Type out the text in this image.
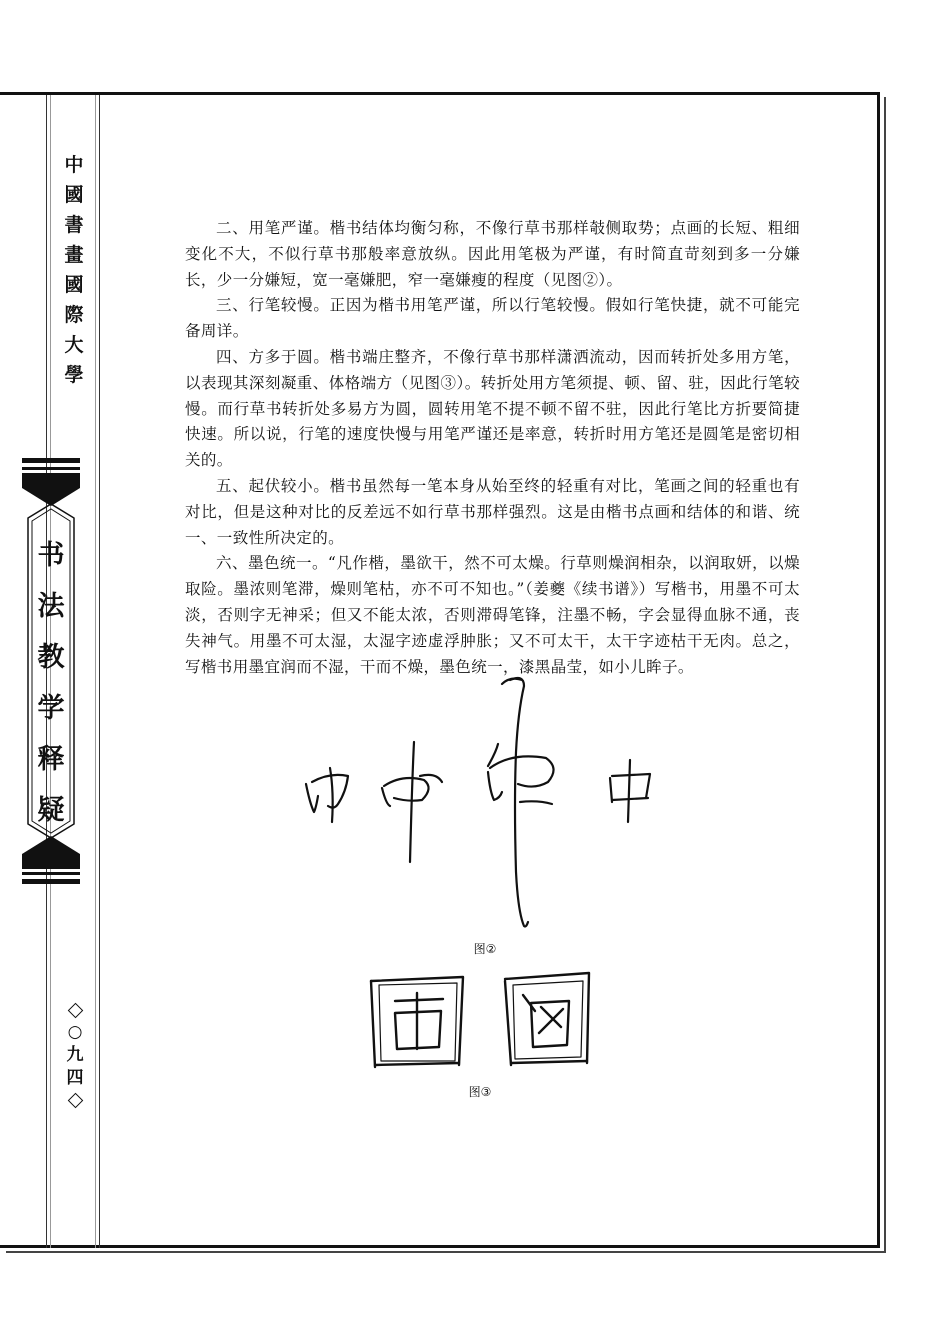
中
國
書
畫
國
際
大
學
书
法
教
学
释
疑
○
九
四

二、用笔严谨。楷书结体均衡匀称，不像行草书那样攲侧取势；点画的长短、粗细变化不大，不似行草书那般率意放纵。因此用笔极为严谨，有时简直苛刻到多一分嫌长，少一分嫌短，宽一毫嫌肥，窄一毫嫌瘦的程度（见图②）。

三、行笔较慢。正因为楷书用笔严谨，所以行笔较慢。假如行笔快捷，就不可能完备周详。

四、方多于圆。楷书端庄整齐，不像行草书那样潇洒流动，因而转折处多用方笔，以表现其深刻凝重、体格端方（见图③）。转折处用方笔须提、顿、留、驻，因此行笔较慢。而行草书转折处多易方为圆，圆转用笔不提不顿不留不驻，因此行笔比方折要简捷快速。所以说，行笔的速度快慢与用笔严谨还是率意，转折时用方笔还是圆笔是密切相关的。

五、起伏较小。楷书虽然每一笔本身从始至终的轻重有对比，笔画之间的轻重也有对比，但是这种对比的反差远不如行草书那样强烈。这是由楷书点画和结体的和谐、统一、一致性所决定的。

六、墨色统一。“凡作楷，墨欲干，然不可太燥。行草则燥润相杂，以润取妍，以燥取险。墨浓则笔滞，燥则笔枯，亦不可不知也。”（姜夔《续书谱》）写楷书，用墨不可太淡，否则字无神采；但又不能太浓，否则滞碍笔锋，注墨不畅，字会显得血脉不通，丧失神气。用墨不可太湿，太湿字迹虚浮肿胀；又不可太干，太干字迹枯干无肉。总之，写楷书用墨宜润而不湿，干而不燥，墨色统一，漆黑晶莹，如小儿眸子。

图②
图③
